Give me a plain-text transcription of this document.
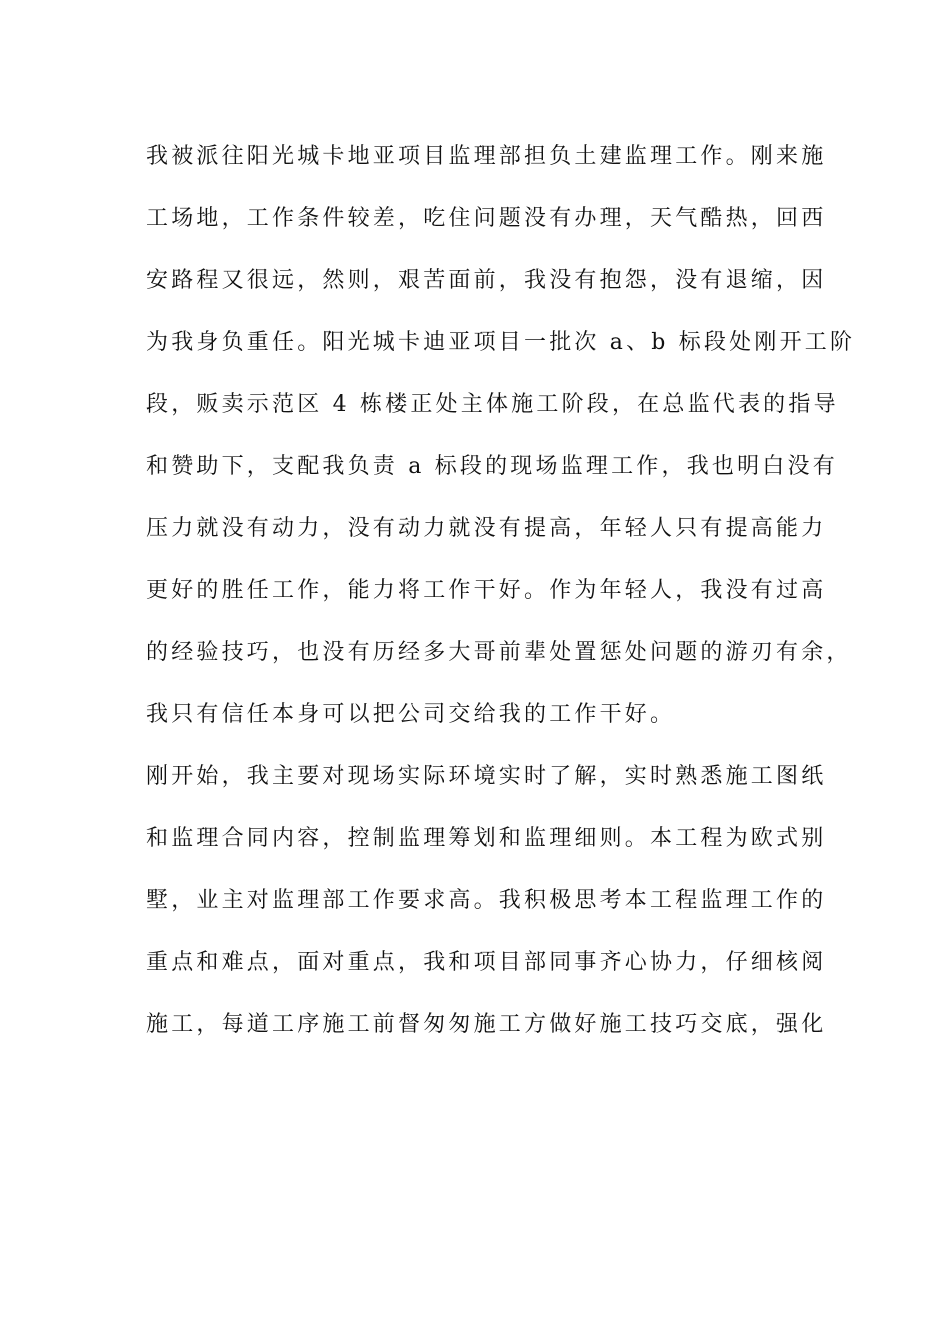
我被派往阳光城卡地亚项目监理部担负土建监理工作。刚来施
工场地，工作条件较差，吃住问题没有办理，天气酷热，回西
安路程又很远，然则，艰苦面前，我没有抱怨，没有退缩，因
为我身负重任。阳光城卡迪亚项目一批次 a、b 标段处刚开工阶
段，贩卖示范区 4 栋楼正处主体施工阶段，在总监代表的指导
和赞助下，支配我负责 a 标段的现场监理工作，我也明白没有
压力就没有动力，没有动力就没有提高，年轻人只有提高能力
更好的胜任工作，能力将工作干好。作为年轻人，我没有过高
的经验技巧，也没有历经多大哥前辈处置惩处问题的游刃有余，
我只有信任本身可以把公司交给我的工作干好。
刚开始，我主要对现场实际环境实时了解，实时熟悉施工图纸
和监理合同内容，控制监理筹划和监理细则。本工程为欧式别
墅，业主对监理部工作要求高。我积极思考本工程监理工作的
重点和难点，面对重点，我和项目部同事齐心协力，仔细核阅
施工，每道工序施工前督匆匆施工方做好施工技巧交底，强化
